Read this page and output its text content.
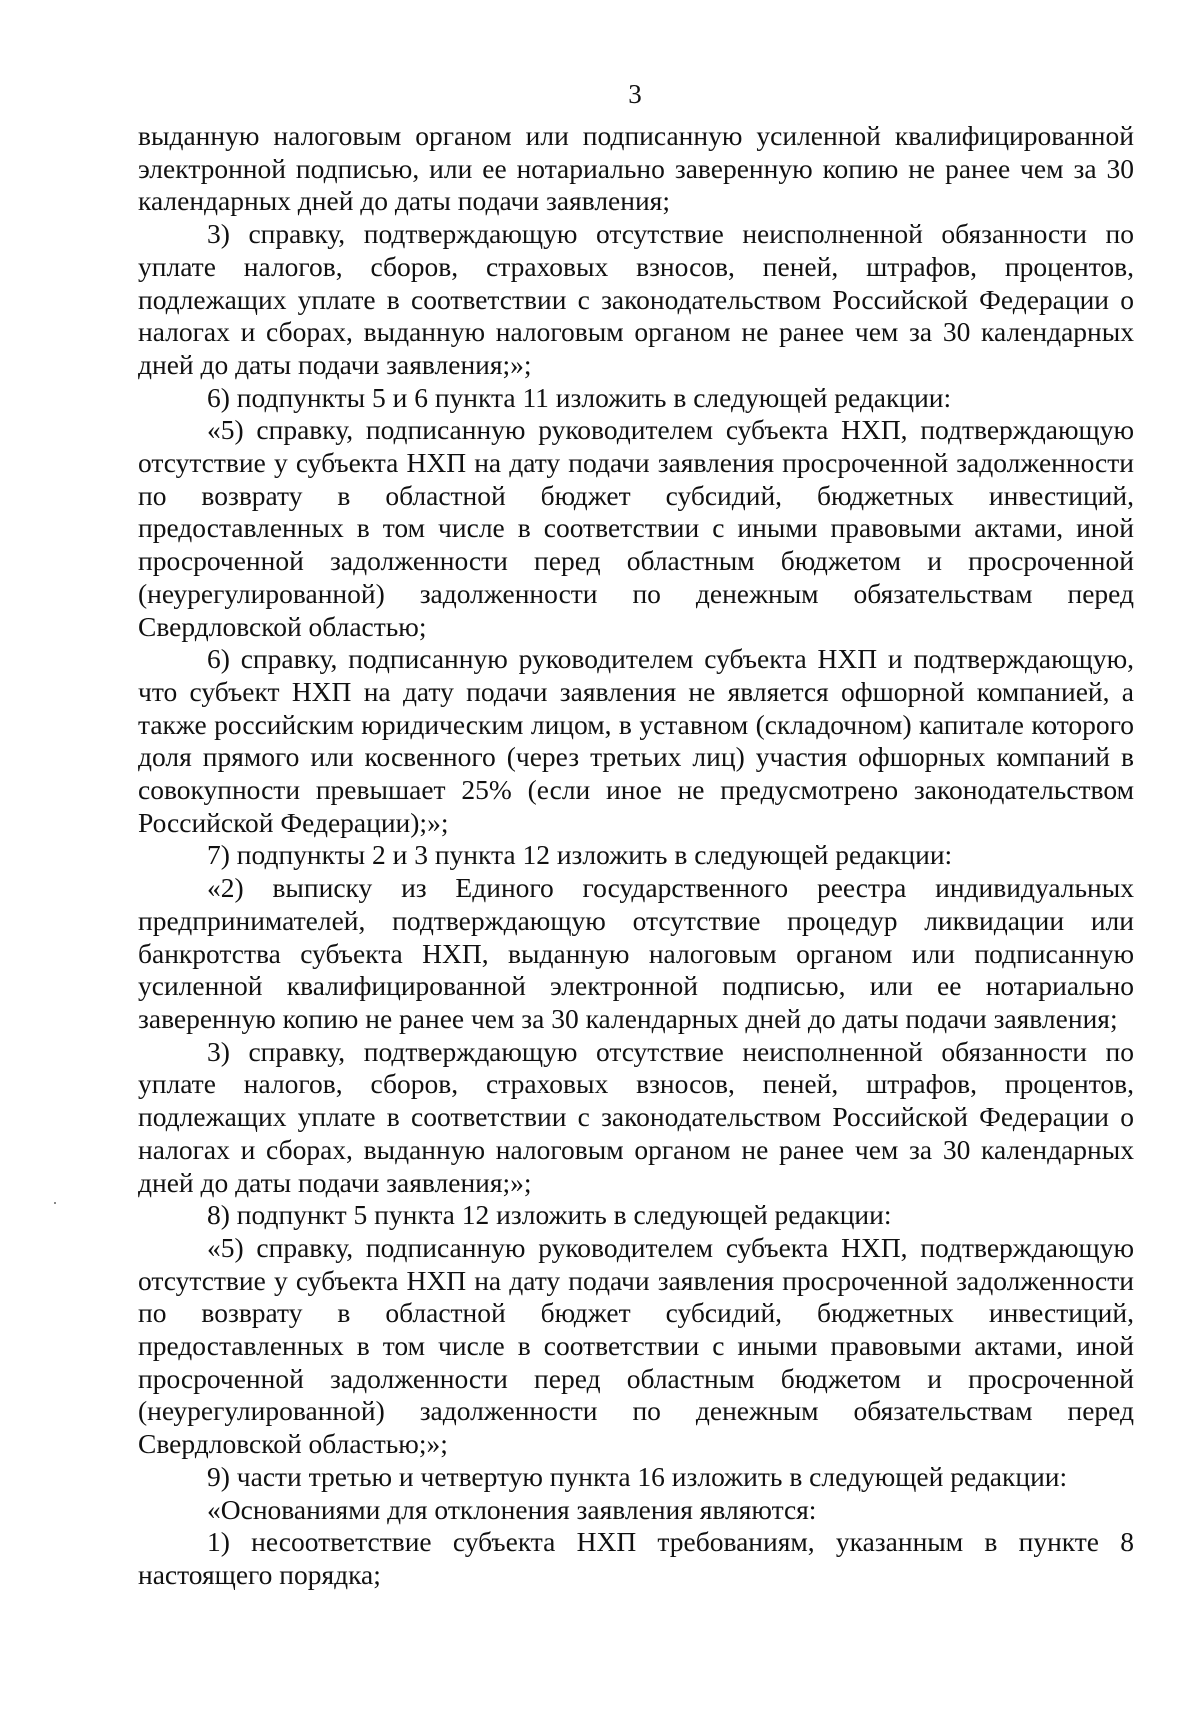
3

выданную налоговым органом или подписанную усиленной квалифицированной электронной подписью, или ее нотариально заверенную копию не ранее чем за 30 календарных дней до даты подачи заявления;

3) справку, подтверждающую отсутствие неисполненной обязанности по уплате налогов, сборов, страховых взносов, пеней, штрафов, процентов, подлежащих уплате в соответствии с законодательством Российской Федерации о налогах и сборах, выданную налоговым органом не ранее чем за 30 календарных дней до даты подачи заявления;»;

6) подпункты 5 и 6 пункта 11 изложить в следующей редакции:

«5) справку, подписанную руководителем субъекта НХП, подтверждающую отсутствие у субъекта НХП на дату подачи заявления просроченной задолженности по возврату в областной бюджет субсидий, бюджетных инвестиций, предоставленных в том числе в соответствии с иными правовыми актами, иной просроченной задолженности перед областным бюджетом и просроченной (неурегулированной) задолженности по денежным обязательствам перед Свердловской областью;

6) справку, подписанную руководителем субъекта НХП и подтверждающую, что субъект НХП на дату подачи заявления не является офшорной компанией, а также российским юридическим лицом, в уставном (складочном) капитале которого доля прямого или косвенного (через третьих лиц) участия офшорных компаний в совокупности превышает 25% (если иное не предусмотрено законодательством Российской Федерации);»;

7) подпункты 2 и 3 пункта 12 изложить в следующей редакции:

«2) выписку из Единого государственного реестра индивидуальных предпринимателей, подтверждающую отсутствие процедур ликвидации или банкротства субъекта НХП, выданную налоговым органом или подписанную усиленной квалифицированной электронной подписью, или ее нотариально заверенную копию не ранее чем за 30 календарных дней до даты подачи заявления;

3) справку, подтверждающую отсутствие неисполненной обязанности по уплате налогов, сборов, страховых взносов, пеней, штрафов, процентов, подлежащих уплате в соответствии с законодательством Российской Федерации о налогах и сборах, выданную налоговым органом не ранее чем за 30 календарных дней до даты подачи заявления;»;

8) подпункт 5 пункта 12 изложить в следующей редакции:

«5) справку, подписанную руководителем субъекта НХП, подтверждающую отсутствие у субъекта НХП на дату подачи заявления просроченной задолженности по возврату в областной бюджет субсидий, бюджетных инвестиций, предоставленных в том числе в соответствии с иными правовыми актами, иной просроченной задолженности перед областным бюджетом и просроченной (неурегулированной) задолженности по денежным обязательствам перед Свердловской областью;»;

9) части третью и четвертую пункта 16 изложить в следующей редакции:

«Основаниями для отклонения заявления являются:

1) несоответствие субъекта НХП требованиям, указанным в пункте 8 настоящего порядка;
